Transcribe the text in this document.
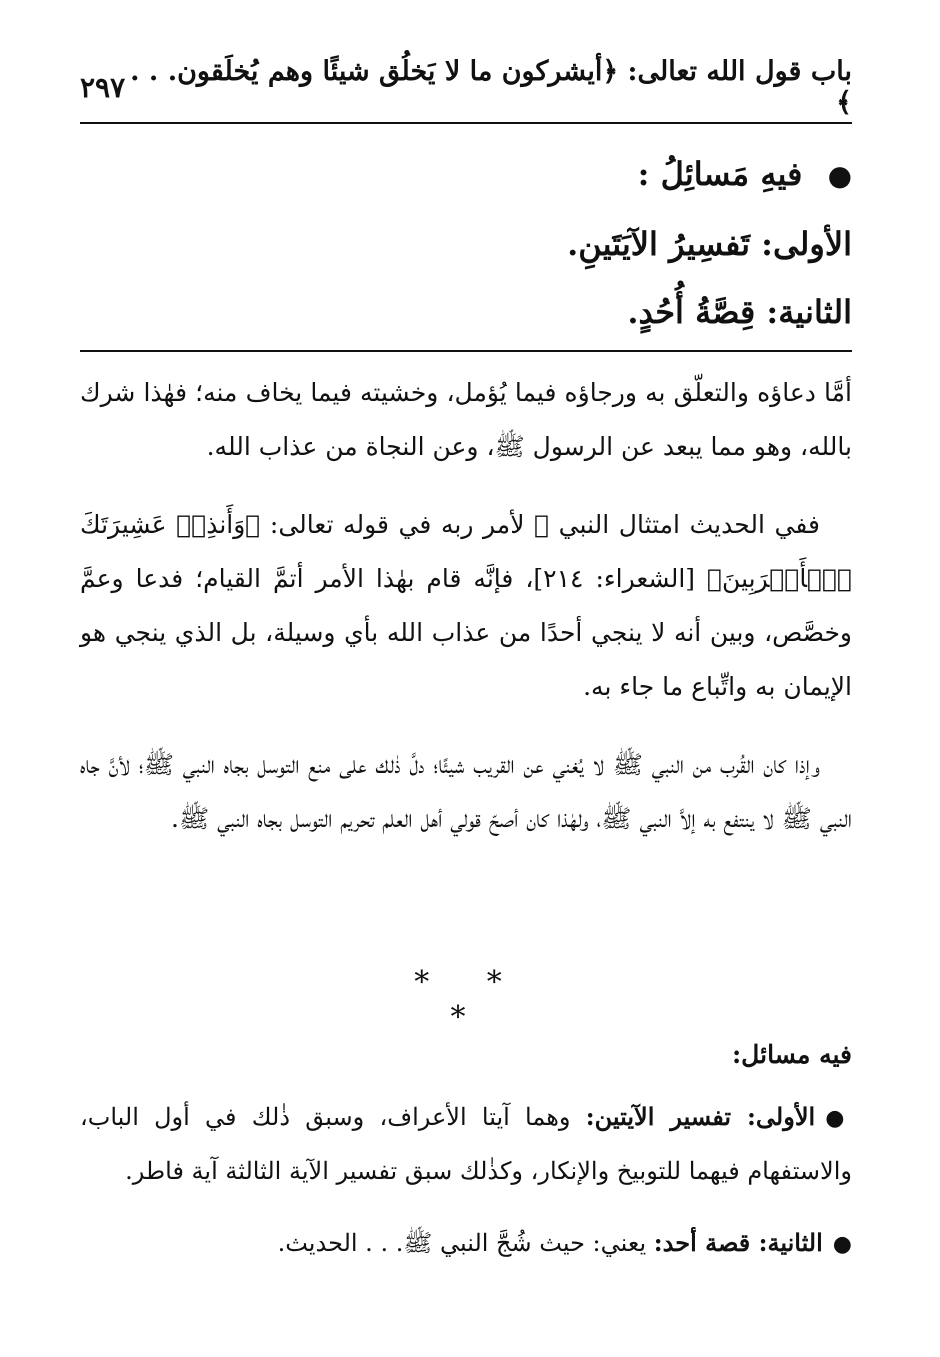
باب قول الله تعالى: ﴿أيشركون ما لا يَخلُق شيئًا وهم يُخلَقون. . . ﴾
٢٩٧
● فيهِ مَسائِلُ :
الأولى: تَفسِيرُ الآيَتَينِ.
الثانية: قِصَّةُ أُحُدٍ.

أمَّا دعاؤه والتعلّق به ورجاؤه فيما يُؤمل، وخشيته فيما يخاف منه؛ فهٰذا شرك بالله، وهو مما يبعد عن الرسول ﷺ، وعن النجاة من عذاب الله.

ففي الحديث امتثال النبي ﷺ لأمر ربه في قوله تعالى: ﴿وَأَنذِرۡ عَشِيرَتَكَ ٱلۡأَقۡرَبِينَ﴾ [الشعراء: ٢١٤]، فإنَّه قام بهٰذا الأمر أتمَّ القيام؛ فدعا وعمَّ وخصَّص، وبين أنه لا ينجي أحدًا من عذاب الله بأي وسيلة، بل الذي ينجي هو الإيمان به واتِّباع ما جاء به.

وإذا كان القُرب من النبي ﷺ لا يُغني عن القريب شيئًا؛ دلَّ ذٰلك على منع التوسل بجاه النبي ﷺ؛ لأنَّ جاه النبي ﷺ لا ينتفع به إلاَّ النبي ﷺ، ولهٰذا كان أصحّ قولي أهل العلم تحريم التوسل بجاه النبي ﷺ.

* * *

فيه مسائل:

●الأولى: تفسير الآيتين: وهما آيتا الأعراف، وسبق ذٰلك في أول الباب، والاستفهام فيهما للتوبيخ والإنكار، وكذٰلك سبق تفسير الآية الثالثة آية فاطر.

●الثانية: قصة أحد: يعني: حيث شُجَّ النبي ﷺ. . . الحديث.
